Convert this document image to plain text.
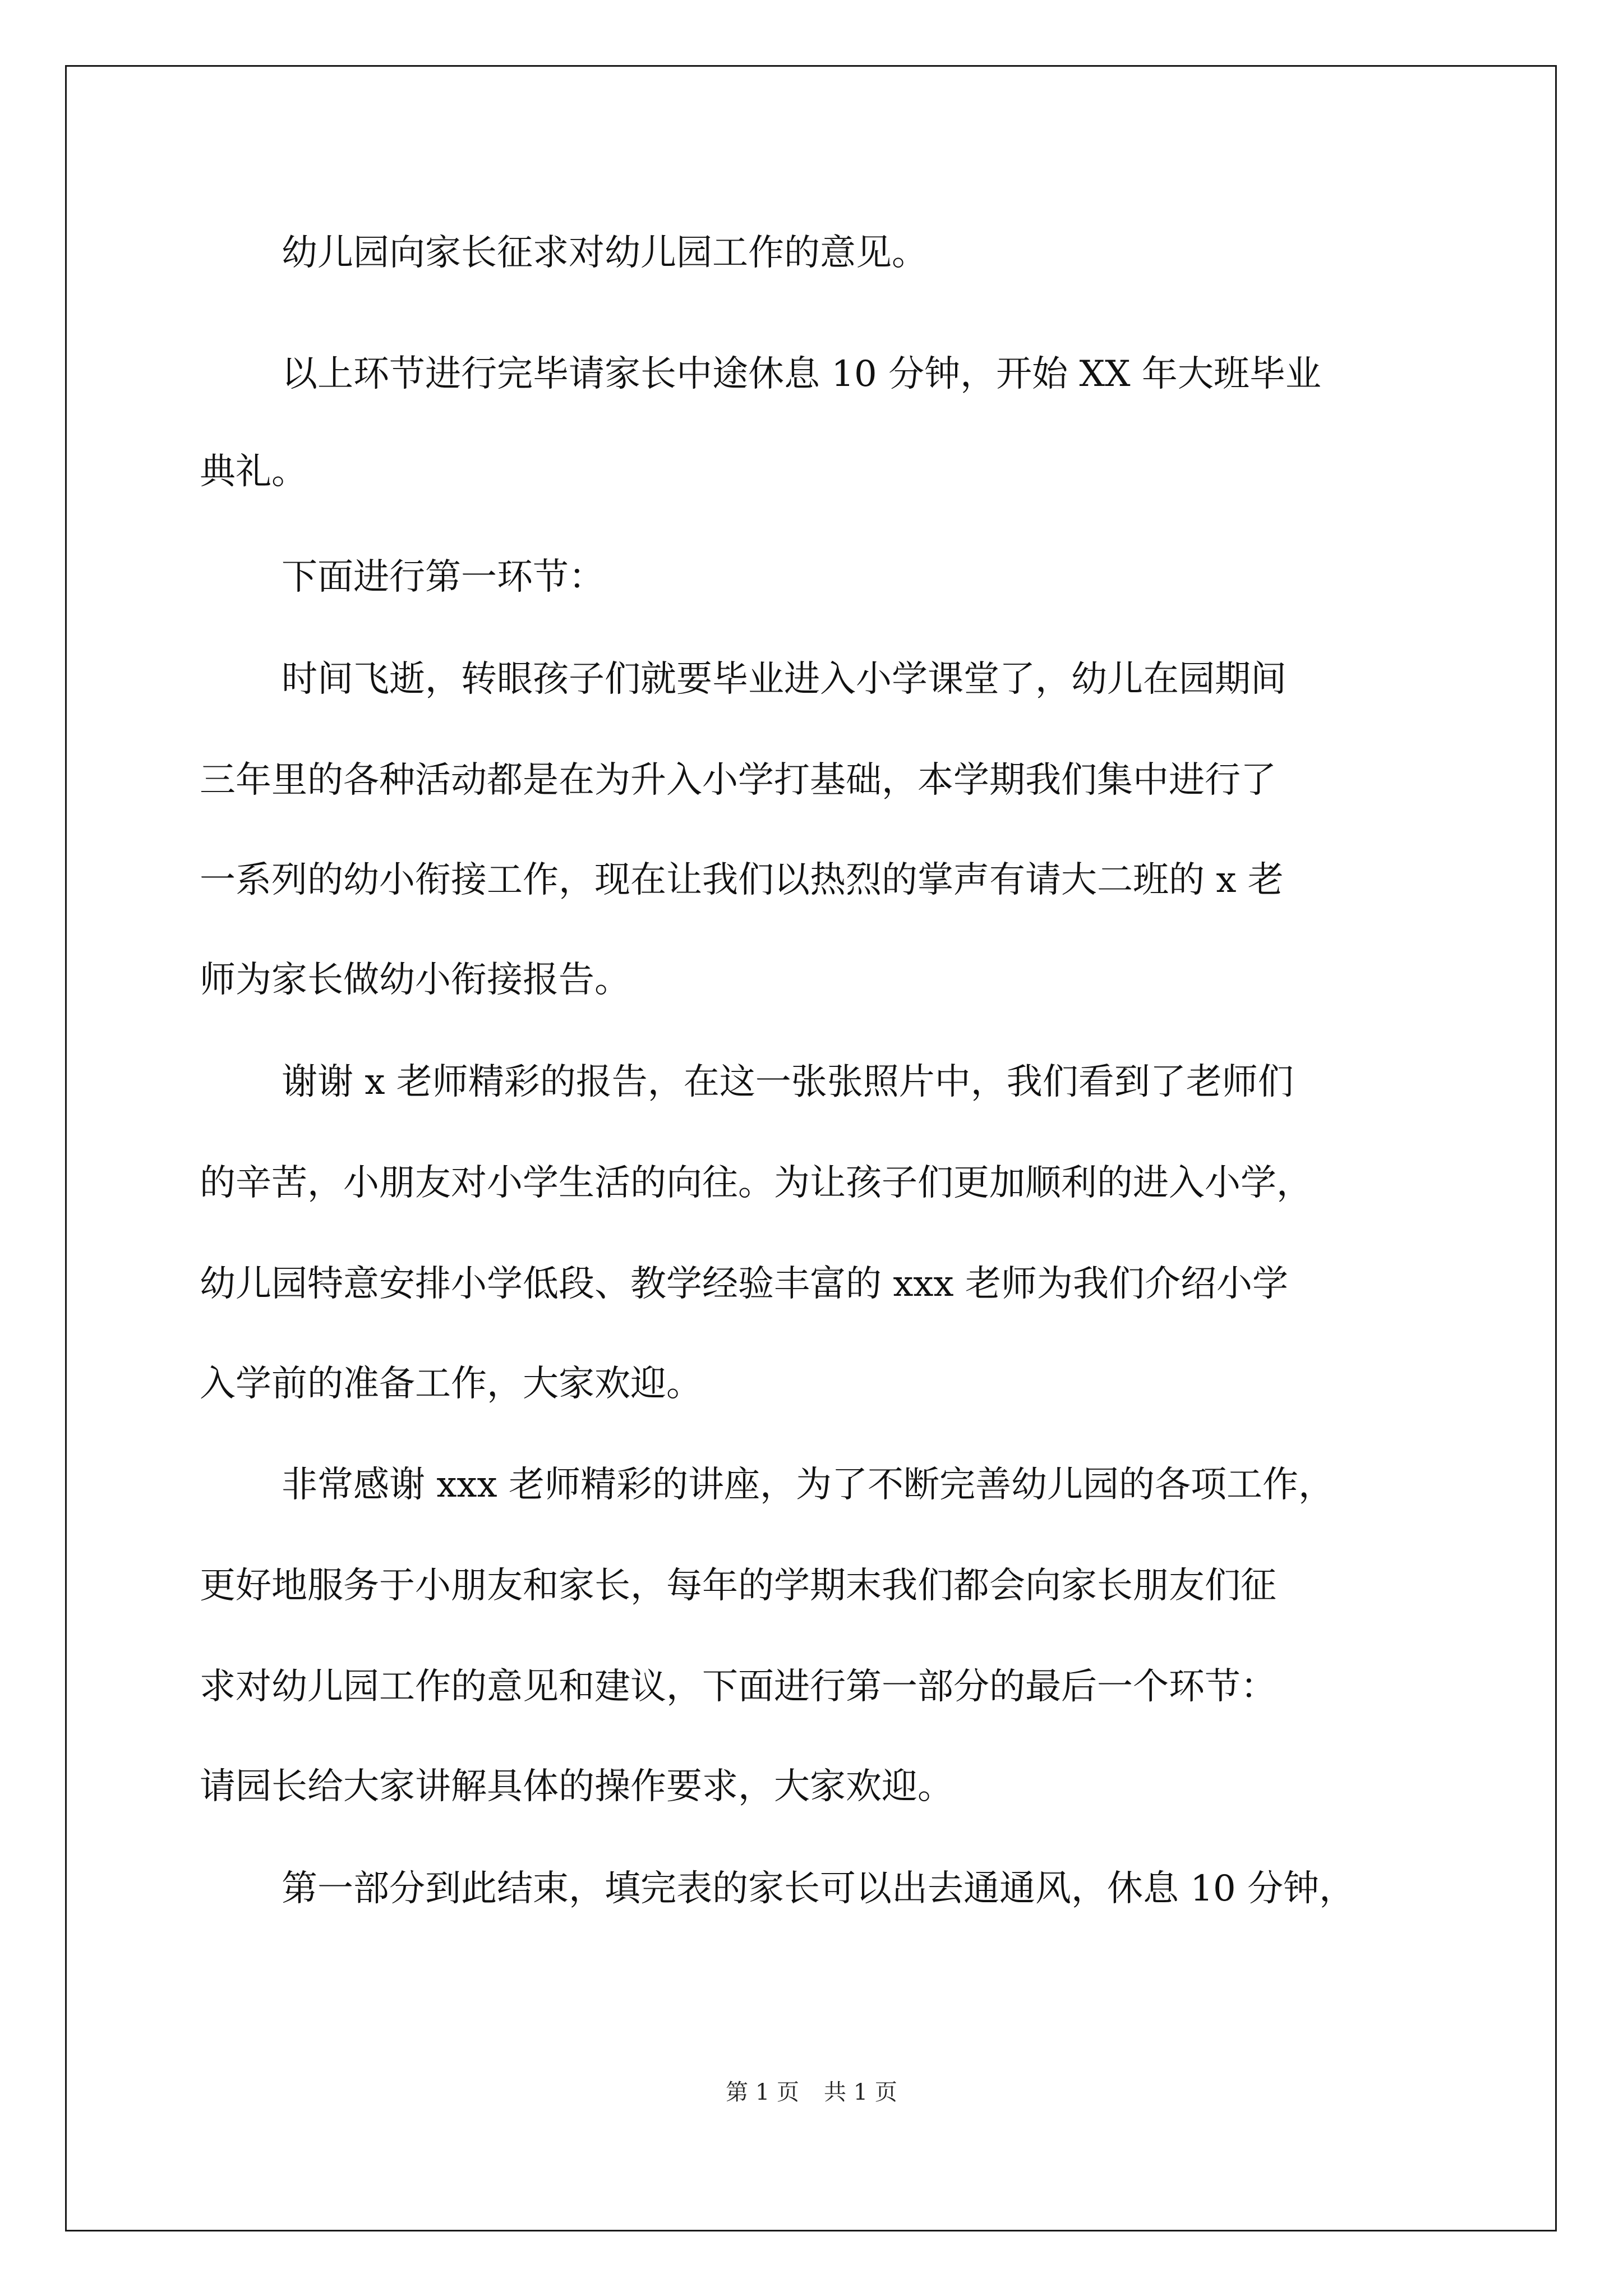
幼儿园向家长征求对幼儿园工作的意见。
以上环节进行完毕请家长中途休息 10 分钟，开始 XX 年大班毕业
典礼。
下面进行第一环节：
时间飞逝，转眼孩子们就要毕业进入小学课堂了，幼儿在园期间
三年里的各种活动都是在为升入小学打基础，本学期我们集中进行了
一系列的幼小衔接工作，现在让我们以热烈的掌声有请大二班的 x 老
师为家长做幼小衔接报告。
谢谢 x 老师精彩的报告，在这一张张照片中，我们看到了老师们
的辛苦，小朋友对小学生活的向往。为让孩子们更加顺利的进入小学，
幼儿园特意安排小学低段、教学经验丰富的 xxx 老师为我们介绍小学
入学前的准备工作，大家欢迎。
非常感谢 xxx 老师精彩的讲座，为了不断完善幼儿园的各项工作，
更好地服务于小朋友和家长，每年的学期末我们都会向家长朋友们征
求对幼儿园工作的意见和建议，下面进行第一部分的最后一个环节：
请园长给大家讲解具体的操作要求，大家欢迎。
第一部分到此结束，填完表的家长可以出去通通风，休息 10 分钟，
第 1 页 共 1 页
